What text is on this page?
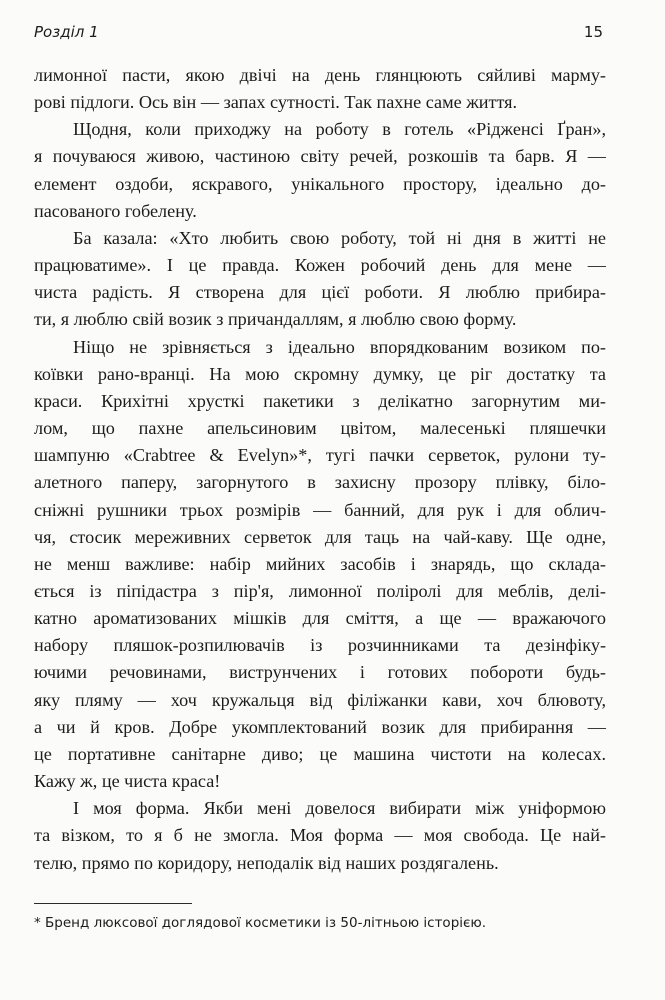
Розділ 1	15

лимонної пасти, якою двічі на день глянцюють сяйливі марму-
рові підлоги. Ось він — запах сутності. Так пахне саме життя.

Щодня, коли приходжу на роботу в готель «Рідженсі Ґран»,
я почуваюся живою, частиною світу речей, розкошів та барв. Я —
елемент оздоби, яскравого, унікального простору, ідеально до-
пасованого гобелену.

Ба казала: «Хто любить свою роботу, той ні дня в житті не
працюватиме». І це правда. Кожен робочий день для мене —
чиста радість. Я створена для цієї роботи. Я люблю прибира-
ти, я люблю свій возик з причандаллям, я люблю свою форму.

Ніщо не зрівняється з ідеально впорядкованим возиком по-
коївки рано-вранці. На мою скромну думку, це ріг достатку та
краси. Крихітні хрусткі пакетики з делікатно загорнутим ми-
лом, що пахне апельсиновим цвітом, малесенькі пляшечки
шампуню «Crabtree & Evelyn»*, тугі пачки серветок, рулони ту-
алетного паперу, загорнутого в захисну прозору плівку, біло-
сніжні рушники трьох розмірів — банний, для рук і для облич-
чя, стосик мереживних серветок для таць на чай-каву. Ще одне,
не менш важливе: набір мийних засобів і знарядь, що склада-
ється із піпідастра з пір'я, лимонної поліролі для меблів, делі-
катно ароматизованих мішків для сміття, а ще — вражаючого
набору пляшок-розпилювачів із розчинниками та дезінфіку-
ючими речовинами, виструнчених і готових побороти будь-
яку пляму — хоч кружальця від філіжанки кави, хоч блювоту,
а чи й кров. Добре укомплектований возик для прибирання —
це портативне санітарне диво; це машина чистоти на колесах.
Кажу ж, це чиста краса!

І моя форма. Якби мені довелося вибирати між уніформою
та візком, то я б не змогла. Моя форма — моя свобода. Це най-
телю, прямо по коридору, неподалік від наших роздягалень.

* Бренд люксової доглядової косметики із 50-літньою історією.
